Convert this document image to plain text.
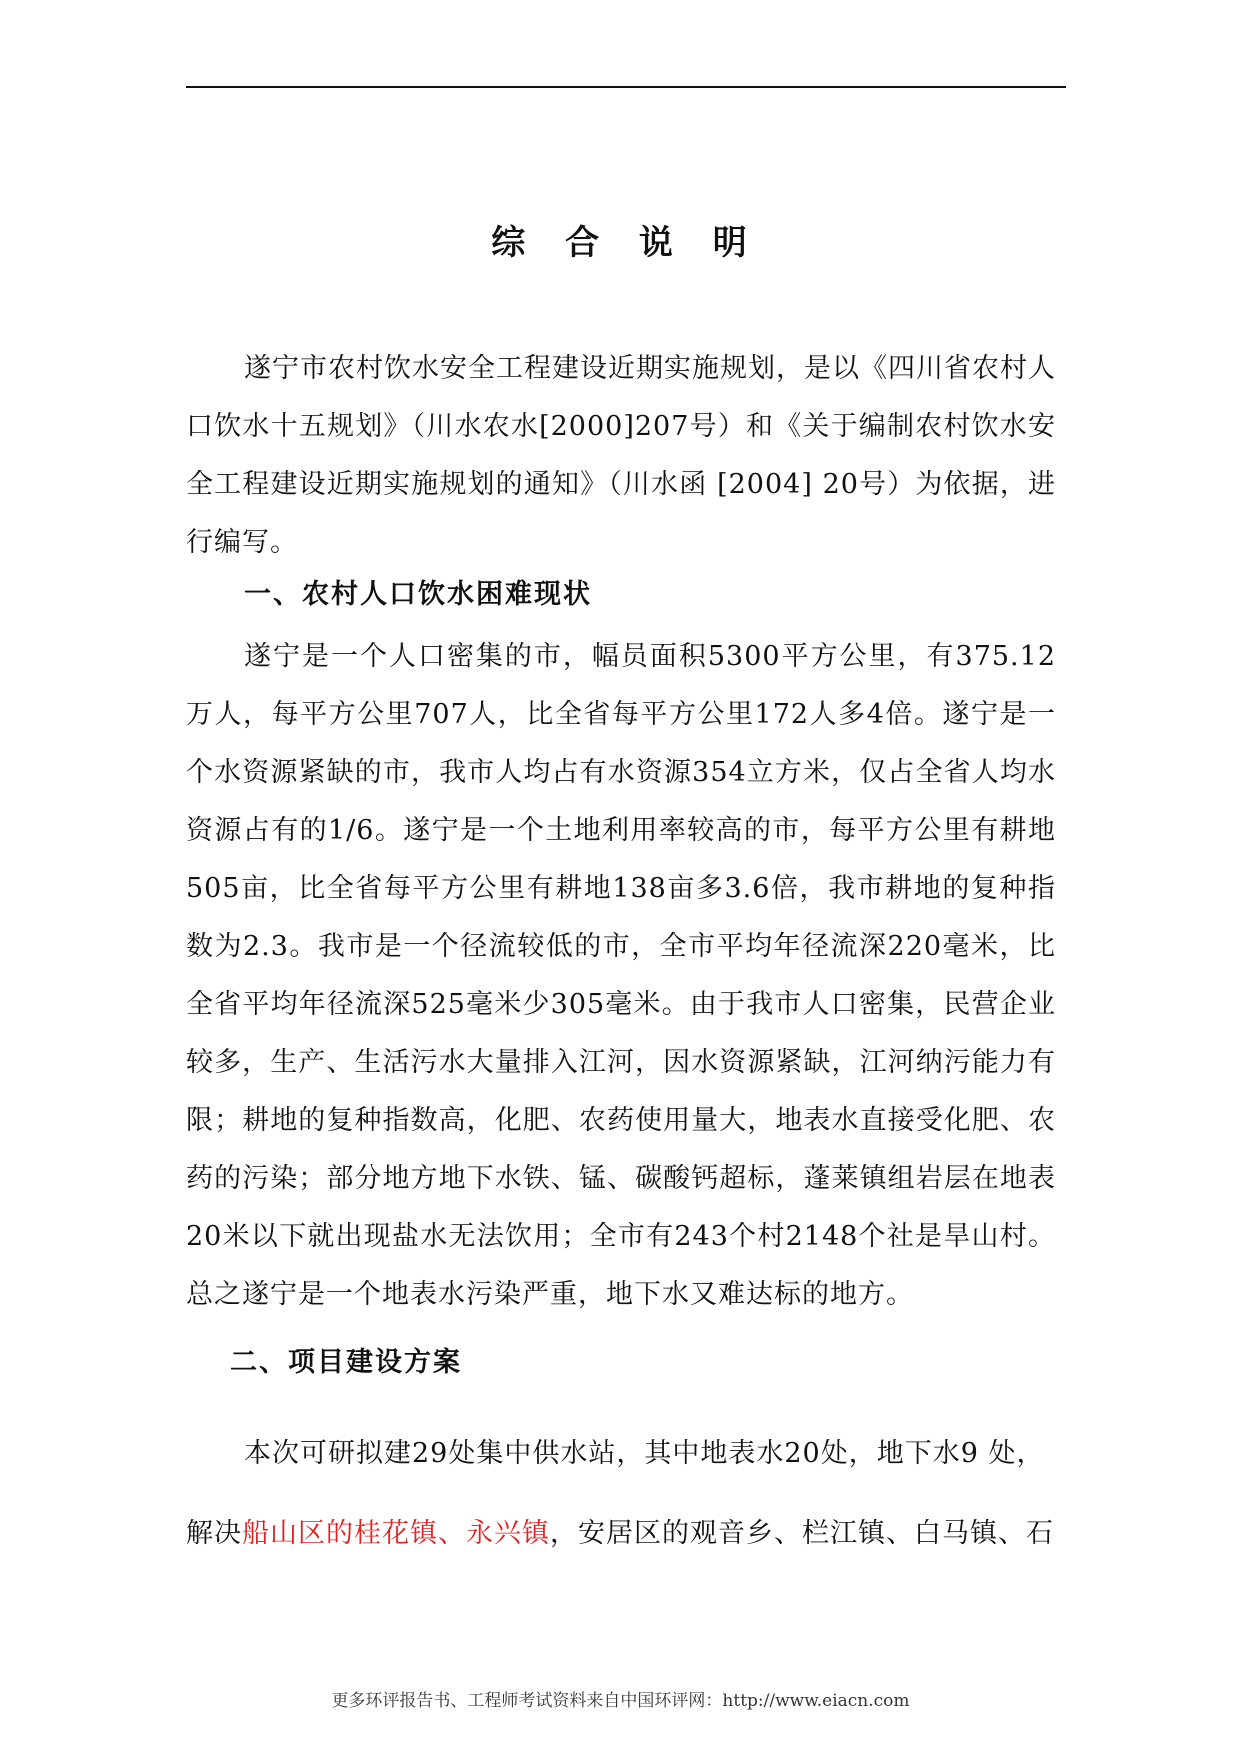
综 合 说 明

遂宁市农村饮水安全工程建设近期实施规划，是以《四川省农村人口饮水十五规划》（川水农水[2000]207号）和《关于编制农村饮水安全工程建设近期实施规划的通知》（川水函 [2004] 20号）为依据，进行编写。

一、农村人口饮水困难现状

遂宁是一个人口密集的市，幅员面积5300平方公里，有375.12万人，每平方公里707人，比全省每平方公里172人多4倍。遂宁是一个水资源紧缺的市，我市人均占有水资源354立方米，仅占全省人均水资源占有的1/6。遂宁是一个土地利用率较高的市，每平方公里有耕地505亩，比全省每平方公里有耕地138亩多3.6倍，我市耕地的复种指数为2.3。我市是一个径流较低的市，全市平均年径流深220毫米，比全省平均年径流深525毫米少305毫米。由于我市人口密集，民营企业较多，生产、生活污水大量排入江河，因水资源紧缺，江河纳污能力有限；耕地的复种指数高，化肥、农药使用量大，地表水直接受化肥、农药的污染；部分地方地下水铁、锰、碳酸钙超标，蓬莱镇组岩层在地表20米以下就出现盐水无法饮用；全市有243个村2148个社是旱山村。总之遂宁是一个地表水污染严重，地下水又难达标的地方。

二、项目建设方案

本次可研拟建29处集中供水站，其中地表水20处，地下水9 处，

解决船山区的桂花镇、永兴镇，安居区的观音乡、栏江镇、白马镇、石

更多环评报告书、工程师考试资料来自中国环评网：http://www.eiacn.com
